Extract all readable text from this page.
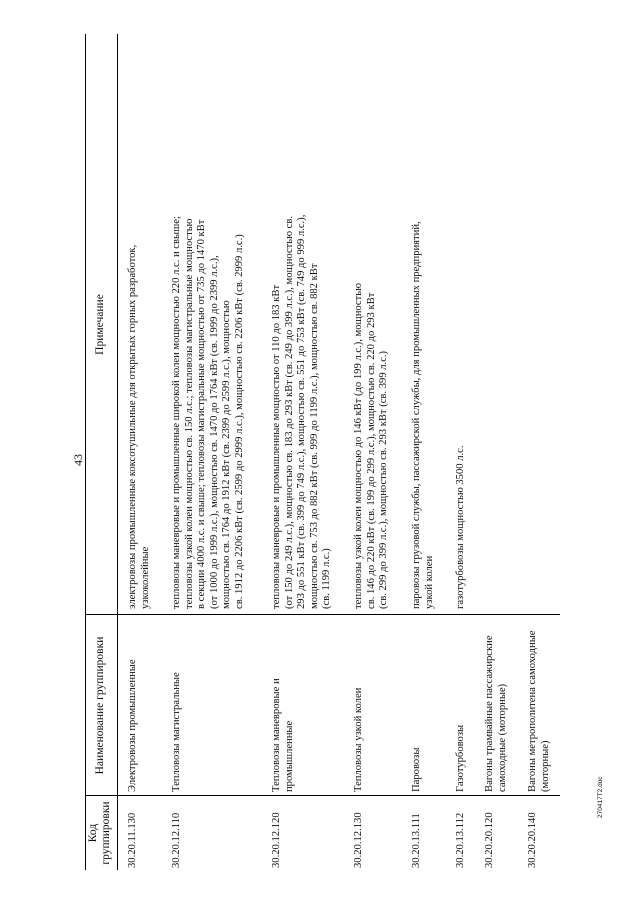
43
270417T2.doc
Код группировки
Наименование группировки
Примечание
30.20.11.130
Электровозы промышленные
электровозы промышленные коксотушильные для открытых горных разработок, узкоколейные
30.20.12.110
Тепловозы магистральные
тепловозы маневровые и промышленные широкой колеи мощностью 220 л.с. и свыше; тепловозы узкой колеи мощностью св. 150 л.с.; тепловозы магистральные мощностью в секции 4000 л.с. и свыше; тепловозы магистральные мощностью от 735 до 1470 кВт (от 1000 до 1999 л.с.), мощностью св. 1470 до 1764 кВт (св. 1999 до 2399 л.с.), мощностью св. 1764 до 1912 кВт (св. 2399 до 2599 л.с.), мощностью св. 1912 до 2206 кВт (св. 2599 до 2999 л.с.), мощностью св. 2206 кВт (св. 2999 л.с.)
30.20.12.120
Тепловозы маневровые и промышленные
тепловозы маневровые и промышленные мощностью от 110 до 183 кВт (от 150 до 249 л.с.), мощностью св. 183 до 293 кВт (св. 249 до 399 л.с.), мощностью св. 293 до 551 кВт (св. 399 до 749 л.с.), мощностью св. 551 до 753 кВт (св. 749 до 999 л.с.), мощностью св. 753 до 882 кВт (св. 999 до 1199 л.с.), мощностью св. 882 кВт (св. 1199 л.с.)
30.20.12.130
Тепловозы узкой колеи
тепловозы узкой колеи мощностью до 146 кВт (до 199 л.с.), мощностью св. 146 до 220 кВт (св. 199 до 299 л.с.), мощностью св. 220 до 293 кВт (св. 299 до 399 л.с.), мощностью св. 293 кВт (св. 399 л.с.)
30.20.13.111
Паровозы
паровозы грузовой службы, пассажирской службы, для промышленных предприятий, узкой колеи
30.20.13.112
Газотурбовозы
газотурбовозы мощностью 3500 л.с.
30.20.20.120
Вагоны трамвайные пассажирские самоходные (моторные)
30.20.20.140
Вагоны метрополитена самоходные (моторные)
